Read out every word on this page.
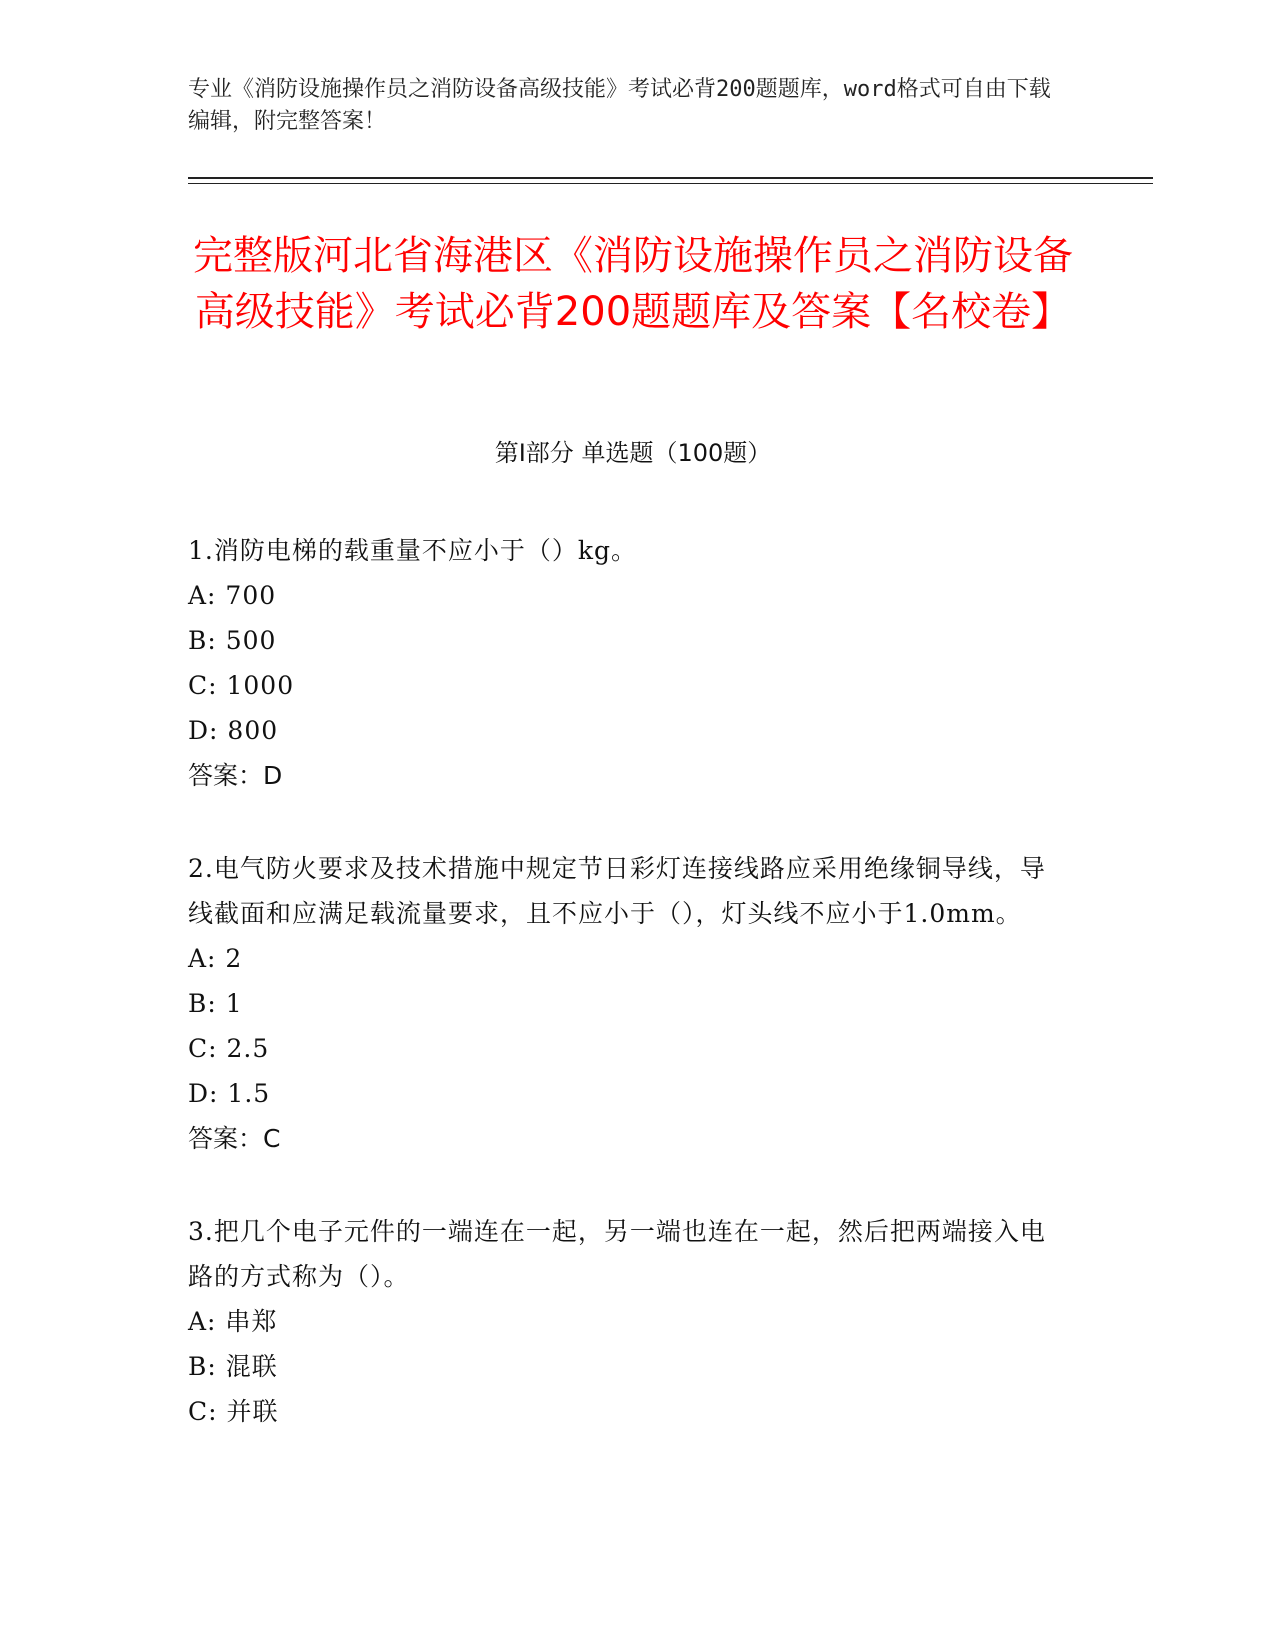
专业《消防设施操作员之消防设备高级技能》考试必背200题题库，word格式可自由下载编辑，附完整答案！
完整版河北省海港区《消防设施操作员之消防设备高级技能》考试必背200题题库及答案【名校卷】
第I部分 单选题（100题）
1.消防电梯的载重量不应小于（）kg。
A: 700
B: 500
C: 1000
D: 800
答案：D
2.电气防火要求及技术措施中规定节日彩灯连接线路应采用绝缘铜导线，导线截面和应满足载流量要求，且不应小于（），灯头线不应小于1.0mm。
A: 2
B: 1
C: 2.5
D: 1.5
答案：C
3.把几个电子元件的一端连在一起，另一端也连在一起，然后把两端接入电路的方式称为（）。
A: 串郑
B: 混联
C: 并联
